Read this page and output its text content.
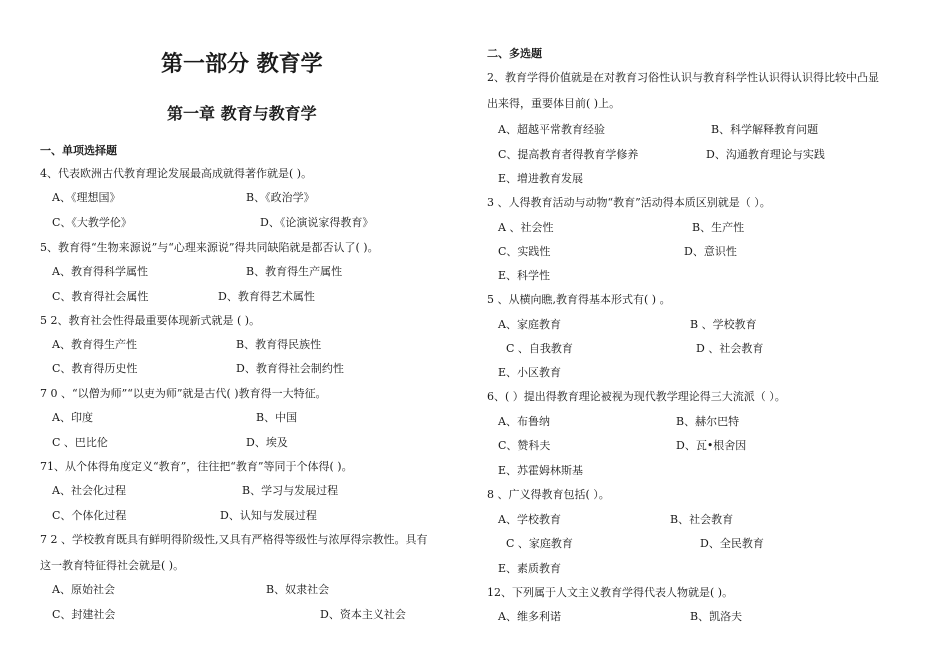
第一部分 教育学
第一章 教育与教育学
一、单项选择题
4、代表欧洲古代教育理论发展最高成就得著作就是( )。
A、《理想国》	B、《政治学》
C、《大教学伦》	D、《论演说家得教育》
5、教育得“生物来源说”与“心理来源说”得共同缺陷就是都否认了( )。
A、教育得科学属性	B、教育得生产属性
C、教育得社会属性	D、教育得艺术属性
5 2、教育社会性得最重要体现新式就是 ( )。
A、教育得生产性	B、教育得民族性
C、教育得历史性	D、教育得社会制约性
7 0 、“以僧为师”“以吏为师”就是古代( )教育得一大特征。
A、印度	B、中国
C 、巴比伦	D、埃及
71、从个体得角度定义“教育”，往往把“教育”等同于个体得( )。
A、社会化过程	B、学习与发展过程
C、个体化过程	D、认知与发展过程
7 2 、学校教育既具有鲜明得阶级性,又具有严格得等级性与浓厚得宗教性。具有
这一教育特征得社会就是( )。
A、原始社会	B、奴隶社会
C、封建社会	D、资本主义社会
二、多选题
2、教育学得价值就是在对教育习俗性认识与教育科学性认识得认识得比较中凸显
出来得，重要体目前( )上。
A、超越平常教育经验	B、科学解释教育问题
C、提高教育者得教育学修养	D、沟通教育理论与实践
E、增进教育发展
3 、人得教育活动与动物“教育”活动得本质区别就是（ ）。
A 、社会性	B、生产性
C、实践性	D、意识性
E、科学性
5 、从横向瞧,教育得基本形式有( ) 。
A、家庭教育	B 、学校教育
C 、自我教育	D 、社会教育
E、小区教育
6、( ）提出得教育理论被视为现代教学理论得三大流派（ ）。
A、布鲁纳	B、赫尔巴特
C、赞科夫	D、瓦•根舍因
E、苏霍姆林斯基
8 、广义得教育包括( ）。
A、学校教育	B、社会教育
C 、家庭教育	D、全民教育
E、素质教育
12、下列属于人文主义教育学得代表人物就是( )。
A、维多利诺	B、凯洛夫
